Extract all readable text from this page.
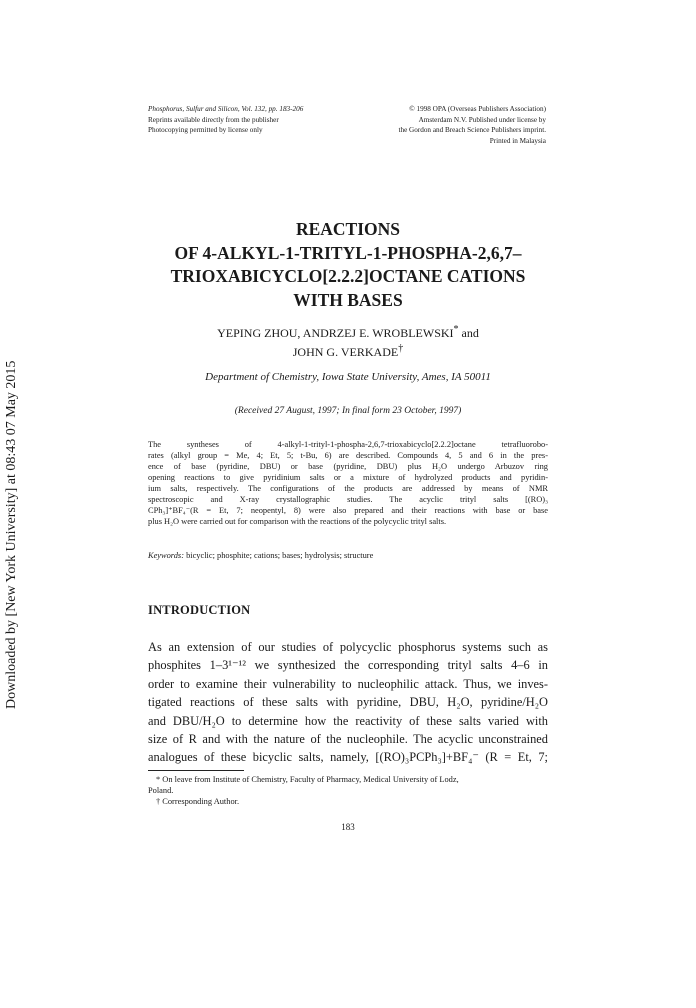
Downloaded by [New York University] at 08:43 07 May 2015
Phosphorus, Sulfur and Silicon, Vol. 132, pp. 183-206
Reprints available directly from the publisher
Photocopying permitted by license only
© 1998 OPA (Overseas Publishers Association)
Amsterdam N.V. Published under license by
the Gordon and Breach Science Publishers imprint.
Printed in Malaysia
REACTIONS
OF 4-ALKYL-1-TRITYL-1-PHOSPHA-2,6,7–
TRIOXABICYCLO[2.2.2]OCTANE CATIONS
WITH BASES
YEPING ZHOU, ANDRZEJ E. WROBLEWSKI* and
JOHN G. VERKADE†
Department of Chemistry, Iowa State University, Ames, IA 50011
(Received 27 August, 1997; In final form 23 October, 1997)
The syntheses of 4-alkyl-1-trityl-1-phospha-2,6,7-trioxabicyclo[2.2.2]octane tetrafluorobo-
rates (alkyl group = Me, 4; Et, 5; t-Bu, 6) are described. Compounds 4, 5 and 6 in the pres-
ence of base (pyridine, DBU) or base (pyridine, DBU) plus H₂O undergo Arbuzov ring
opening reactions to give pyridinium salts or a mixture of hydrolyzed products and pyridin-
ium salts, respectively. The configurations of the products are addressed by means of NMR
spectroscopic and X-ray crystallographic studies. The acyclic trityl salts [(RO)₃
CPh₃]⁺BF₄⁻(R = Et, 7; neopentyl, 8) were also prepared and their reactions with base or base
plus H₂O were carried out for comparison with the reactions of the polycyclic trityl salts.
Keywords: bicyclic; phosphite; cations; bases; hydrolysis; structure
INTRODUCTION
As an extension of our studies of polycyclic phosphorus systems such as
phosphites 1–3¹⁻¹² we synthesized the corresponding trityl salts 4–6 in
order to examine their vulnerability to nucleophilic attack. Thus, we inves-
tigated reactions of these salts with pyridine, DBU, H₂O, pyridine/H₂O
and DBU/H₂O to determine how the reactivity of these salts varied with
size of R and with the nature of the nucleophile. The acyclic unconstrained
analogues of these bicyclic salts, namely, [(RO)₃PCPh₃]+BF₄⁻ (R = Et, 7;
* On leave from Institute of Chemistry, Faculty of Pharmacy, Medical University of Lodz,
Poland.
† Corresponding Author.
183
